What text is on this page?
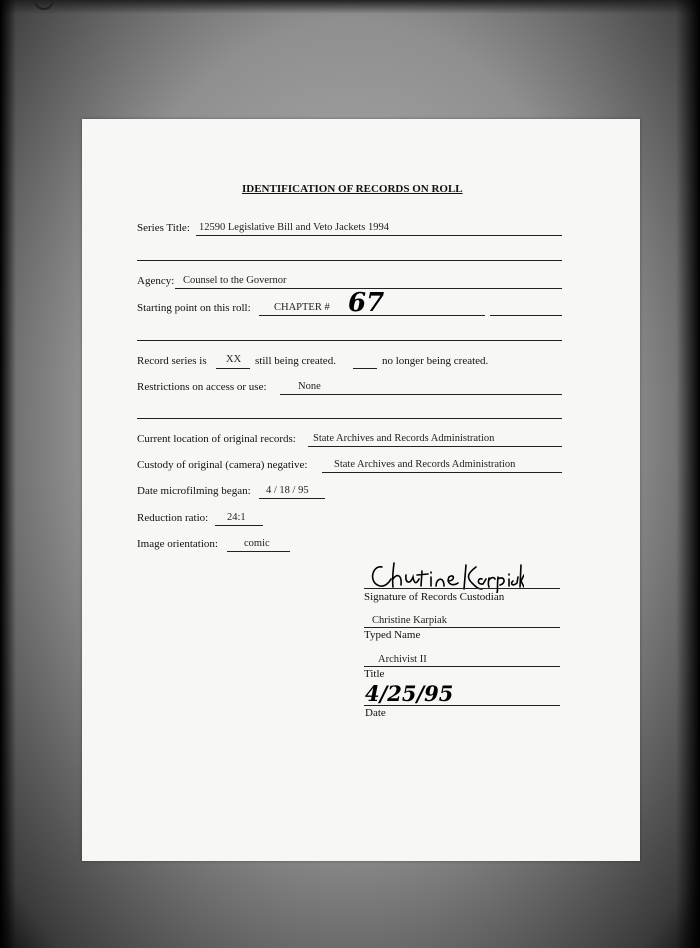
IDENTIFICATION OF RECORDS ON ROLL
Series Title: 12590 Legislative Bill and Veto Jackets 1994
Agency: Counsel to the Governor
Starting point on this roll: CHAPTER # 67
Record series is XX still being created.	no longer being created.
Restrictions on access or use:	None
Current location of original records: State Archives and Records Administration
Custody of original (camera) negative:	State Archives and Records Administration
Date microfilming began: 4 / 18 / 95
Reduction ratio: 24:1
Image orientation: comic
Signature of Records Custodian
Christine Karpiak
Typed Name
Archivist II
Title
4/25/95
Date
